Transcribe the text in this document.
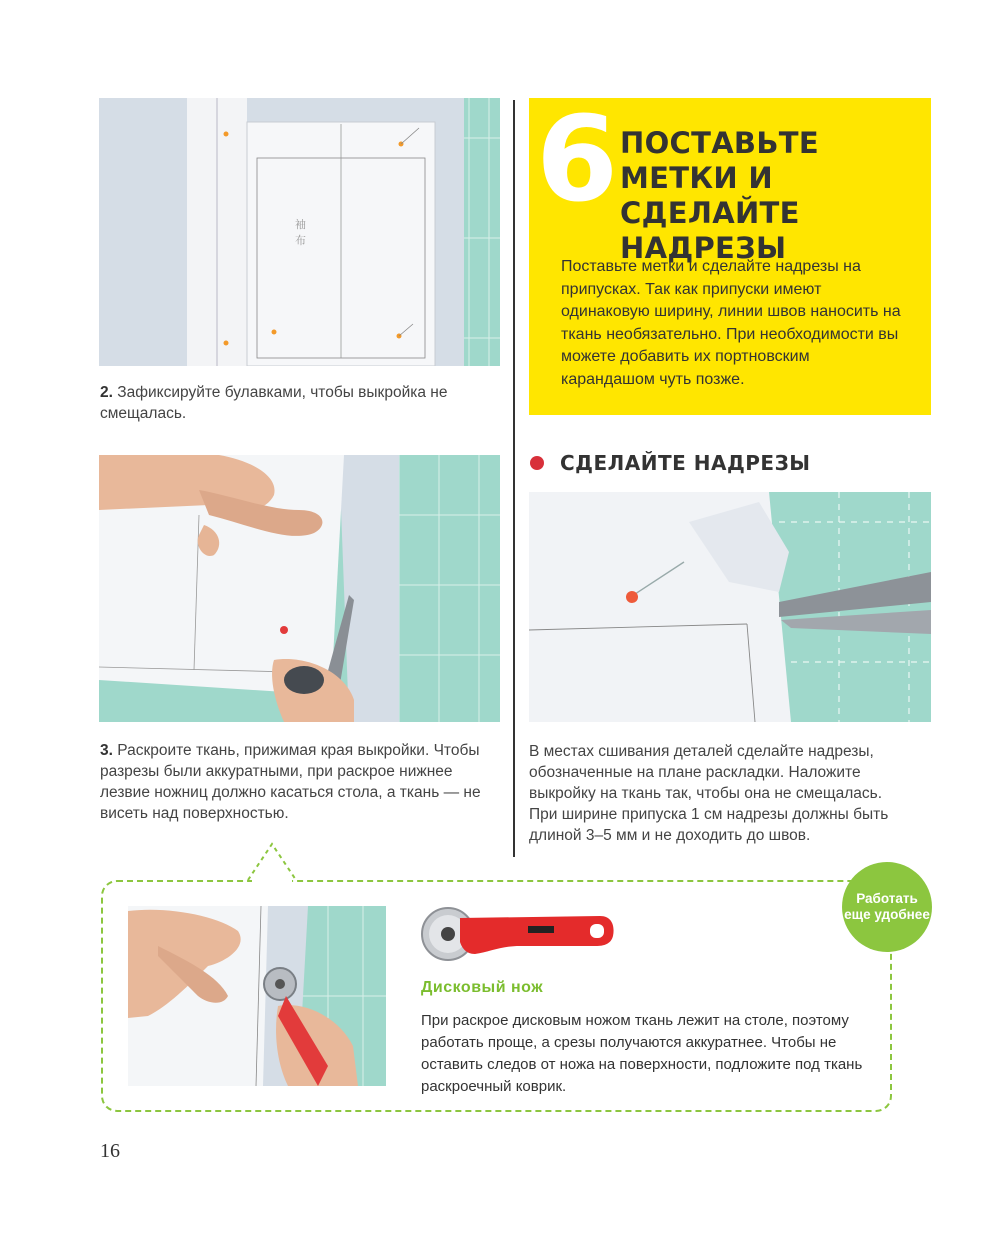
袖
布
2. Зафиксируйте булавками, чтобы выкройка не смещалась.
3. Раскроите ткань, прижимая края выкройки. Чтобы разрезы были аккуратными, при раскрое нижнее лезвие ножниц должно касаться стола, а ткань — не висеть над поверхностью.
6 ПОСТАВЬТЕ МЕТКИ И СДЕЛАЙТЕ НАДРЕЗЫ
Поставьте метки и сделайте надрезы на припусках. Так как припуски имеют одинаковую ширину, линии швов наносить на ткань необязательно. При необходимости вы можете добавить их портновским карандашом чуть позже.
СДЕЛАЙТЕ НАДРЕЗЫ
В местах сшивания деталей сделайте надрезы, обозначенные на плане раскладки. Наложите выкройку на ткань так, чтобы она не смещалась.
При ширине припуска 1 см надрезы должны быть длиной 3–5 мм и не доходить до швов.
Работать еще удобнее
Дисковый нож
При раскрое дисковым ножом ткань лежит на столе, поэтому работать проще, а срезы получаются аккуратнее. Чтобы не оставить следов от ножа на поверхности, подложите под ткань раскроечный коврик.
16
